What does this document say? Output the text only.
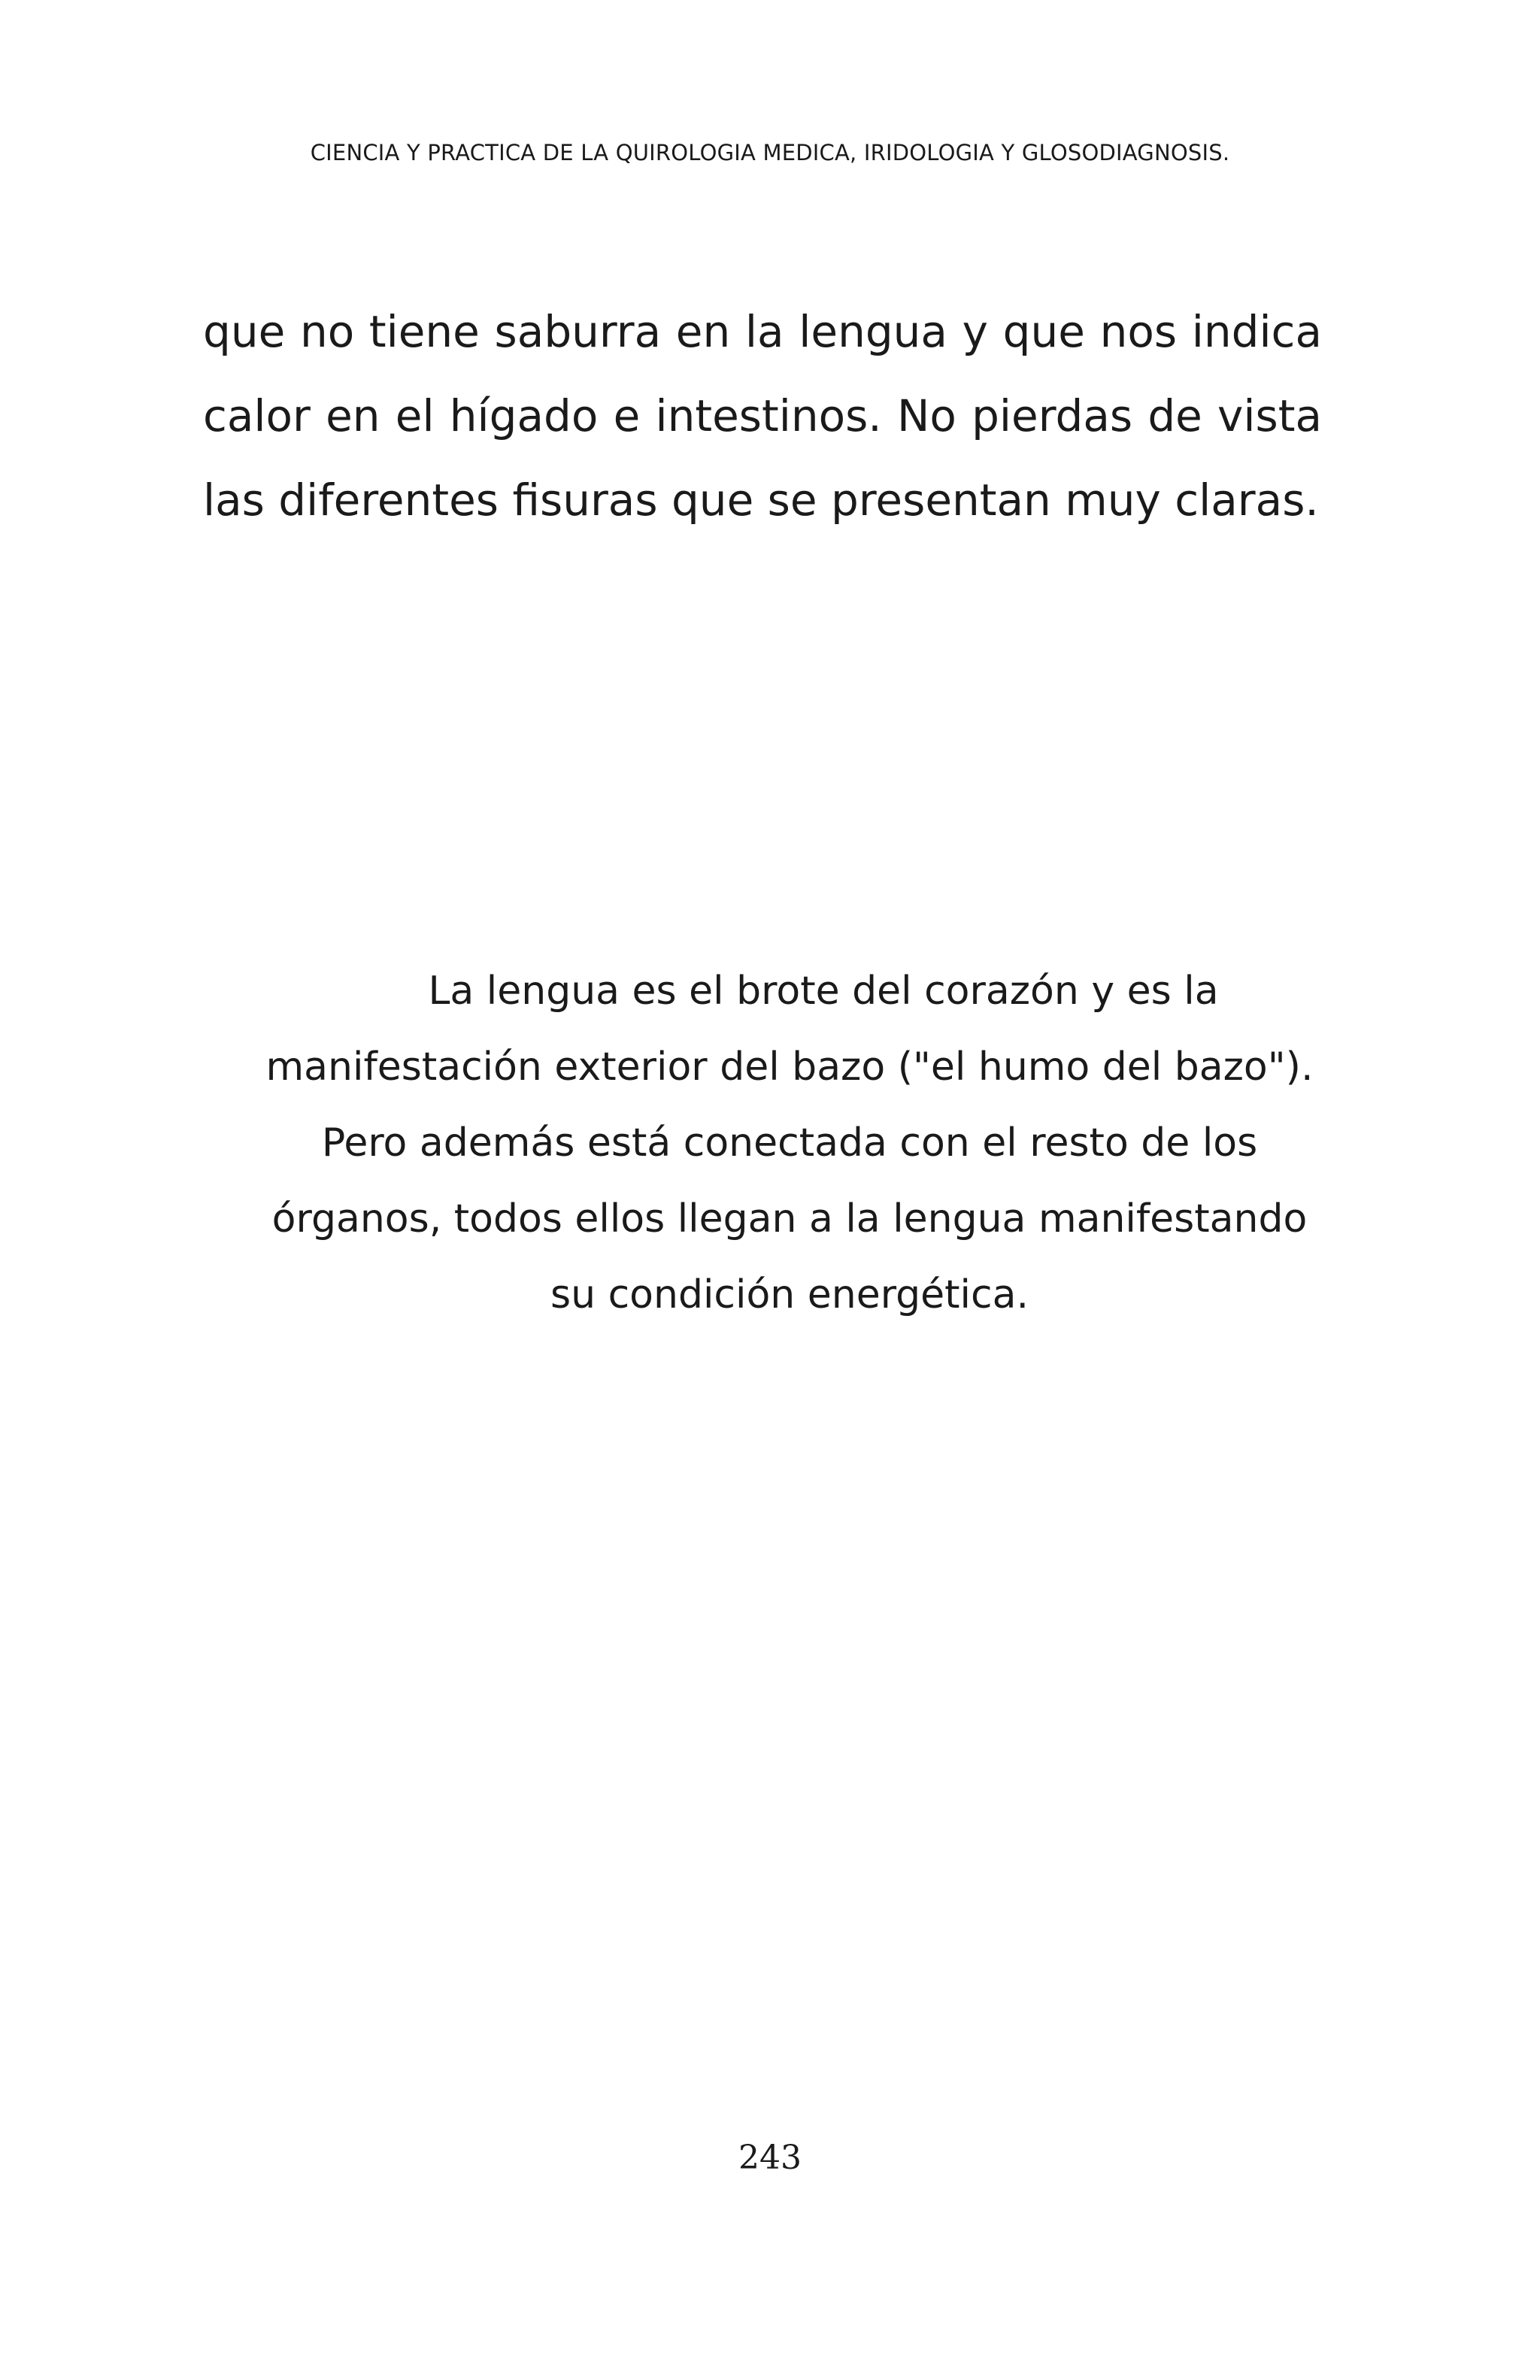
CIENCIA Y PRACTICA DE LA QUIROLOGIA MEDICA, IRIDOLOGIA Y GLOSODIAGNOSIS.

que no tiene saburra en la lengua y que nos indica calor en el hígado e intestinos. No pierdas de vista las diferentes fisuras que se presentan muy claras.

La lengua es el brote del corazón y es la
manifestación exterior del bazo ("el humo del bazo").
Pero además está conectada con el resto de los
órganos, todos ellos llegan a la lengua manifestando
su condición energética.
243
